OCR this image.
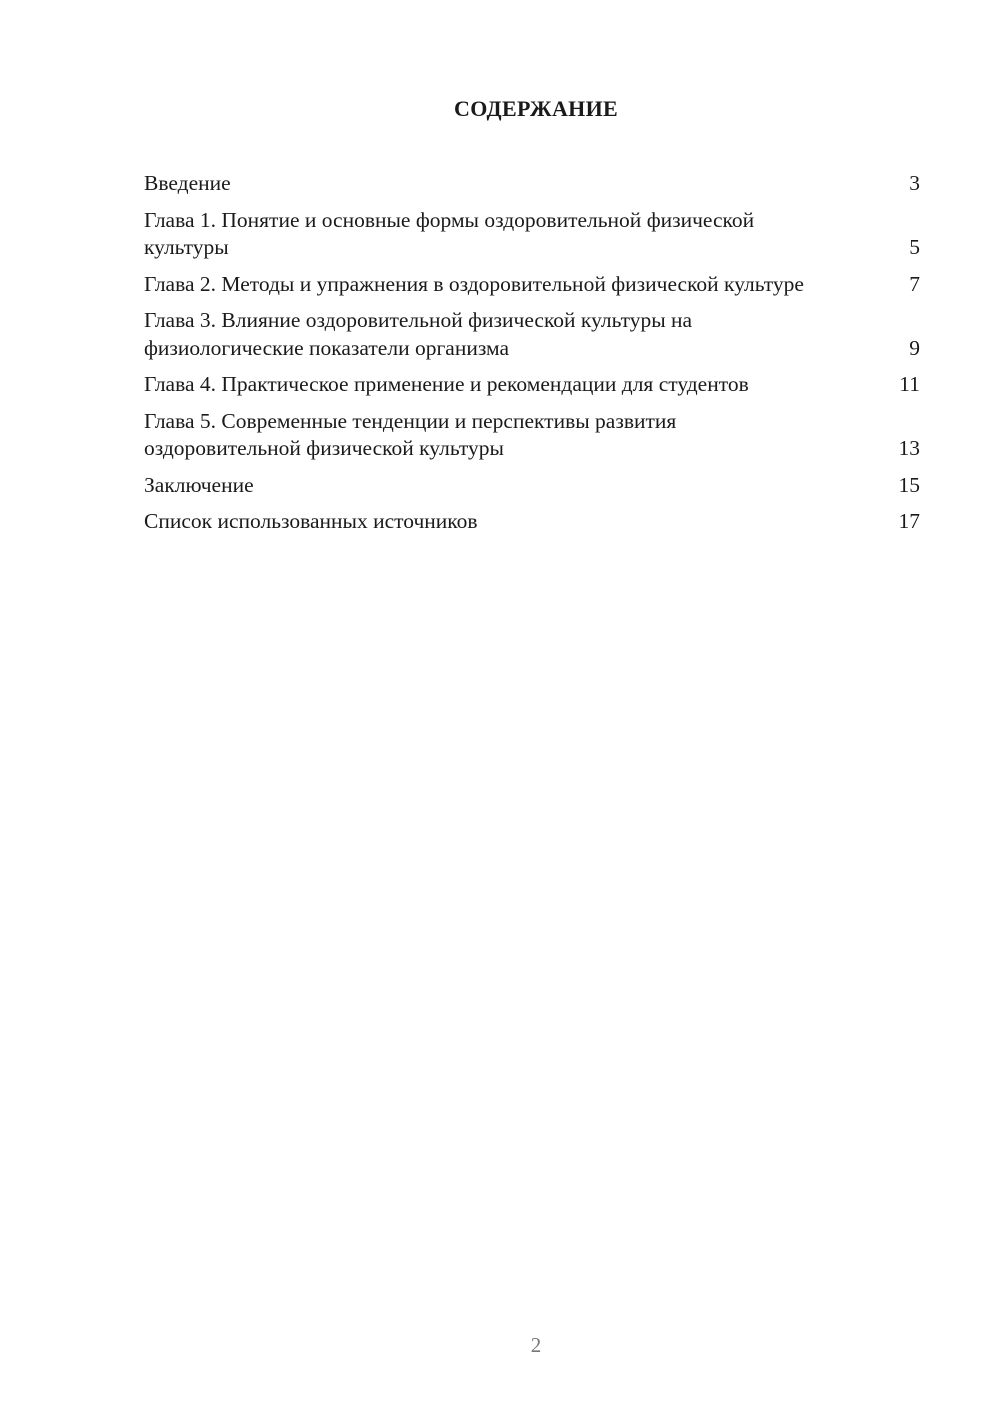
СОДЕРЖАНИЕ
Введение	3
Глава 1. Понятие и основные формы оздоровительной физической культуры	5
Глава 2. Методы и упражнения в оздоровительной физической культуре	7
Глава 3. Влияние оздоровительной физической культуры на физиологические показатели организма	9
Глава 4. Практическое применение и рекомендации для студентов	11
Глава 5. Современные тенденции и перспективы развития оздоровительной физической культуры	13
Заключение	15
Список использованных источников	17
2
